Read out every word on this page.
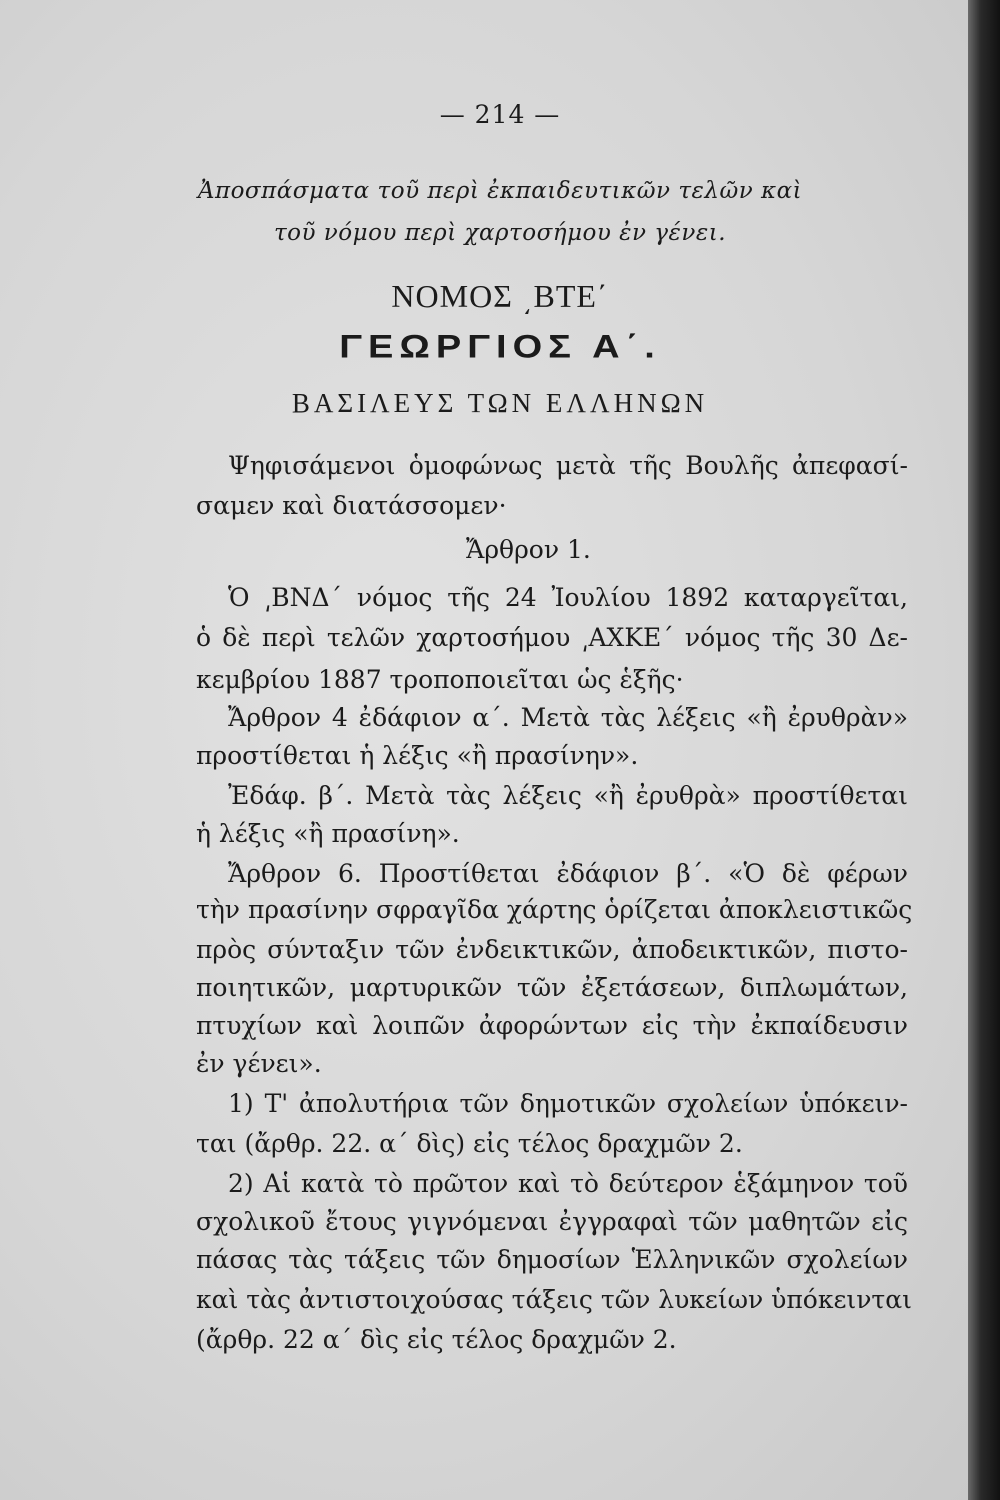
— 214 —
Ἀποσπάσματα τοῦ περὶ ἐκπαιδευτικῶν τελῶν καὶ
τοῦ νόμου περὶ χαρτοσήμου ἐν γένει.
ΝΟΜΟΣ ͵ΒΤΕ΄
ΓΕΩΡΓΙΟΣ Α΄.
ΒΑΣΙΛΕΥΣ ΤΩΝ ΕΛΛΗΝΩΝ
Ψηφισάμενοι ὁμοφώνως μετὰ τῆς Βουλῆς ἀπεφασί-
σαμεν καὶ διατάσσομεν·
Ἄρθρον 1.
Ὁ ͵ΒΝΔ΄ νόμος τῆς 24 Ἰουλίου 1892 καταργεῖται,
ὁ δὲ περὶ τελῶν χαρτοσήμου ͵ΑΧΚΕ΄ νόμος τῆς 30 Δε-
κεμβρίου 1887 τροποποιεῖται ὡς ἑξῆς·
Ἄρθρον 4 ἐδάφιον α΄. Μετὰ τὰς λέξεις «ἢ ἐρυθρὰν»
προστίθεται ἡ λέξις «ἢ πρασίνην».
Ἐδάφ. β΄. Μετὰ τὰς λέξεις «ἢ ἐρυθρὰ» προστίθεται
ἡ λέξις «ἢ πρασίνη».
Ἄρθρον 6. Προστίθεται ἐδάφιον β΄. «Ὁ δὲ φέρων
τὴν πρασίνην σφραγῖδα χάρτης ὁρίζεται ἀποκλειστικῶς
πρὸς σύνταξιν τῶν ἐνδεικτικῶν, ἀποδεικτικῶν, πιστο-
ποιητικῶν, μαρτυρικῶν τῶν ἐξετάσεων, διπλωμάτων,
πτυχίων καὶ λοιπῶν ἀφορώντων εἰς τὴν ἐκπαίδευσιν
ἐν γένει».
1) Τ' ἀπολυτήρια τῶν δημοτικῶν σχολείων ὑπόκειν-
ται (ἄρθρ. 22. α΄ δὶς) εἰς τέλος δραχμῶν 2.
2) Αἱ κατὰ τὸ πρῶτον καὶ τὸ δεύτερον ἑξάμηνον τοῦ
σχολικοῦ ἔτους γιγνόμεναι ἐγγραφαὶ τῶν μαθητῶν εἰς
πάσας τὰς τάξεις τῶν δημοσίων Ἑλληνικῶν σχολείων
καὶ τὰς ἀντιστοιχούσας τάξεις τῶν λυκείων ὑπόκεινται
(ἄρθρ. 22 α΄ δὶς εἰς τέλος δραχμῶν 2.
